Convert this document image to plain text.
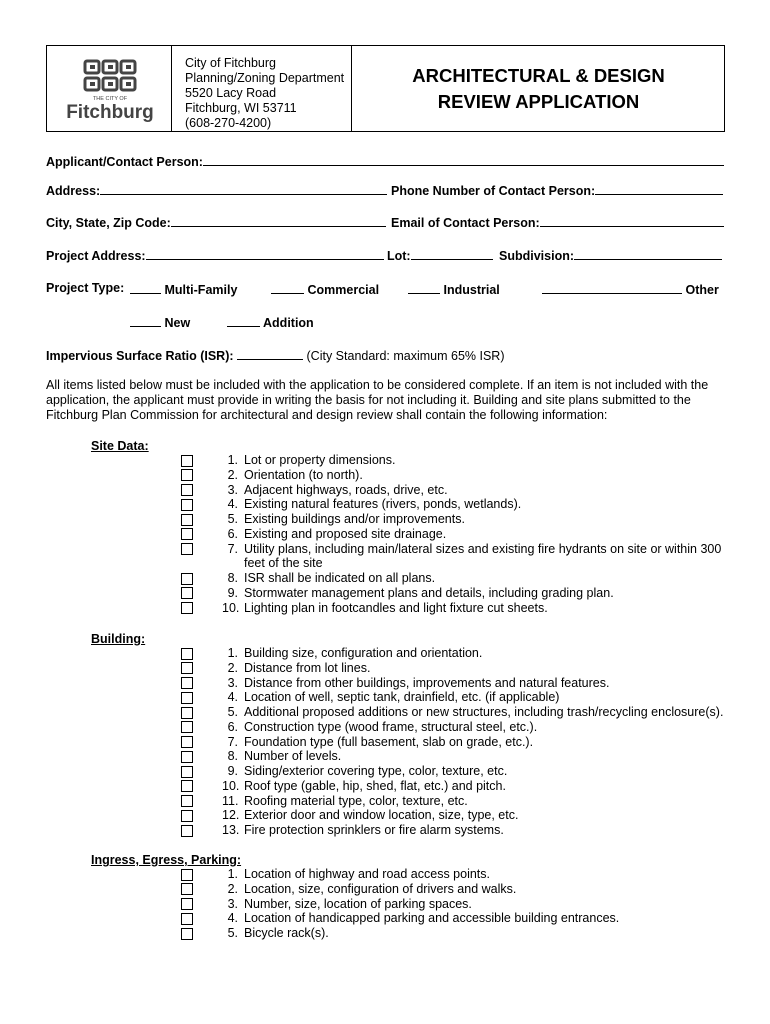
THE CITY OF
Fitchburg
City of Fitchburg
Planning/Zoning Department
5520 Lacy Road
Fitchburg, WI 53711
(608-270-4200)
ARCHITECTURAL & DESIGN
REVIEW APPLICATION
Applicant/Contact Person:
Address:	Phone Number of Contact Person:
City, State, Zip Code:	Email of Contact Person:
Project Address:	Lot:	Subdivision:
Project Type:	Multi-Family	Commercial	Industrial	Other
New	Addition
Impervious Surface Ratio (ISR):	(City Standard: maximum 65% ISR)
All items listed below must be included with the application to be considered complete. If an item is not included with the
application, the applicant must provide in writing the basis for not including it. Building and site plans submitted to the
Fitchburg Plan Commission for architectural and design review shall contain the following information:
Site Data:
1. Lot or property dimensions.
2. Orientation (to north).
3. Adjacent highways, roads, drive, etc.
4. Existing natural features (rivers, ponds, wetlands).
5. Existing buildings and/or improvements.
6. Existing and proposed site drainage.
7. Utility plans, including main/lateral sizes and existing fire hydrants on site or within 300
feet of the site
8. ISR shall be indicated on all plans.
9. Stormwater management plans and details, including grading plan.
10. Lighting plan in footcandles and light fixture cut sheets.
Building:
1. Building size, configuration and orientation.
2. Distance from lot lines.
3. Distance from other buildings, improvements and natural features.
4. Location of well, septic tank, drainfield, etc. (if applicable)
5. Additional proposed additions or new structures, including trash/recycling enclosure(s).
6. Construction type (wood frame, structural steel, etc.).
7. Foundation type (full basement, slab on grade, etc.).
8. Number of levels.
9. Siding/exterior covering type, color, texture, etc.
10. Roof type (gable, hip, shed, flat, etc.) and pitch.
11. Roofing material type, color, texture, etc.
12. Exterior door and window location, size, type, etc.
13. Fire protection sprinklers or fire alarm systems.
Ingress, Egress, Parking:
1. Location of highway and road access points.
2. Location, size, configuration of drivers and walks.
3. Number, size, location of parking spaces.
4. Location of handicapped parking and accessible building entrances.
5. Bicycle rack(s).
